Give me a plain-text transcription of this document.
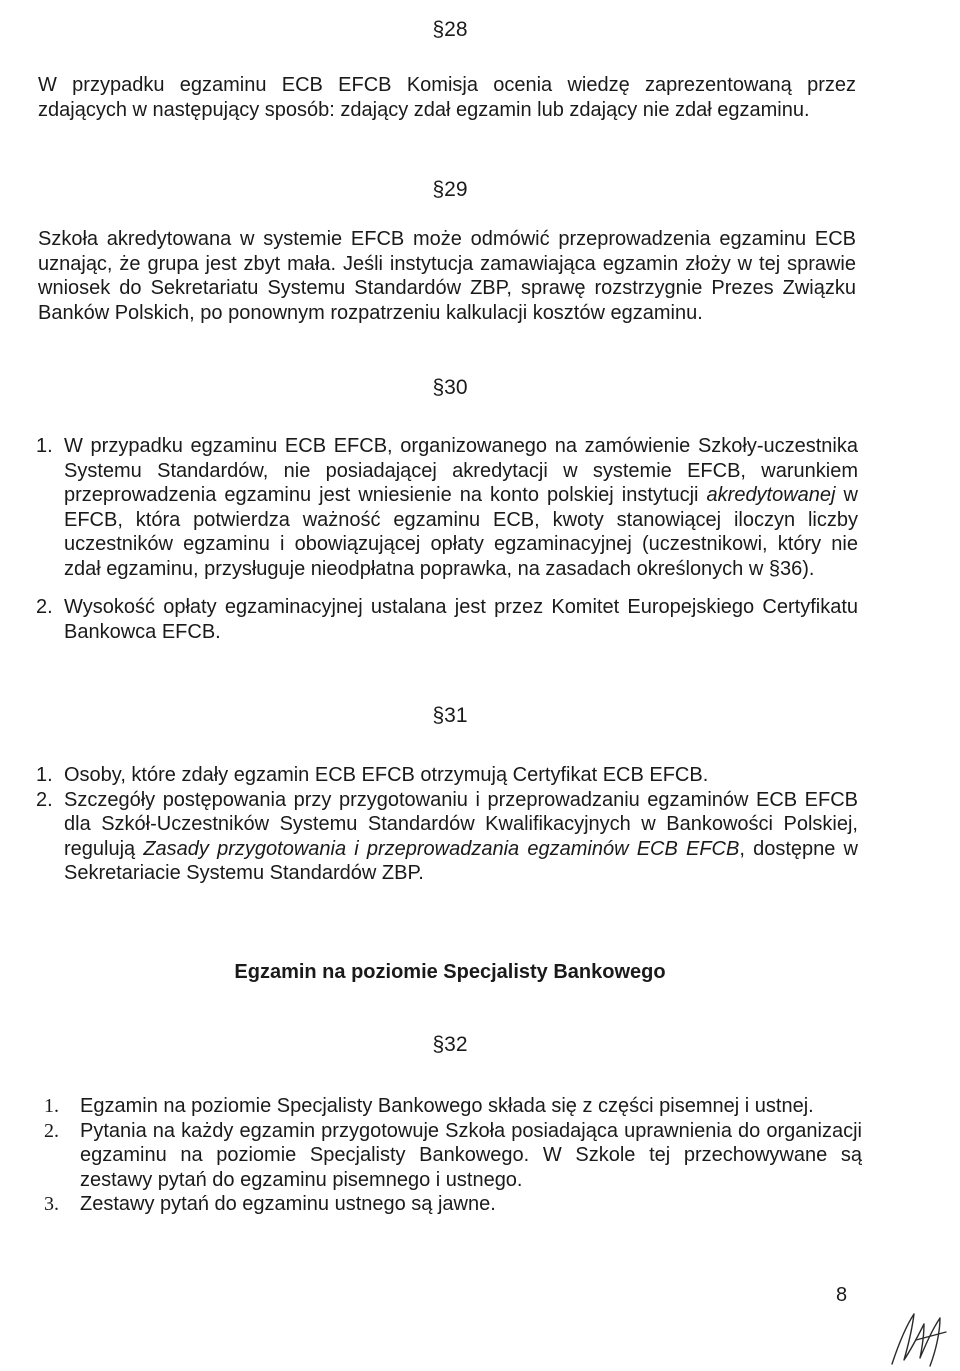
§28
W przypadku egzaminu ECB EFCB Komisja ocenia wiedzę zaprezentowaną przez zdających w następujący sposób: zdający zdał egzamin lub zdający nie zdał egzaminu.
§29
Szkoła akredytowana w systemie EFCB może odmówić przeprowadzenia egzaminu ECB uznając, że grupa jest zbyt mała. Jeśli instytucja zamawiająca egzamin złoży w tej sprawie wniosek do Sekretariatu Systemu Standardów ZBP, sprawę rozstrzygnie Prezes Związku Banków Polskich, po ponownym rozpatrzeniu kalkulacji kosztów egzaminu.
§30
1. W przypadku egzaminu ECB EFCB, organizowanego na zamówienie Szkoły-uczestnika Systemu Standardów, nie posiadającej akredytacji w systemie EFCB, warunkiem przeprowadzenia egzaminu jest wniesienie na konto polskiej instytucji akredytowanej w EFCB, która potwierdza ważność egzaminu ECB, kwoty stanowiącej iloczyn liczby uczestników egzaminu i obowiązującej opłaty egzaminacyjnej (uczestnikowi, który nie zdał egzaminu, przysługuje nieodpłatna poprawka, na zasadach określonych w §36).
2. Wysokość opłaty egzaminacyjnej ustalana jest przez Komitet Europejskiego Certyfikatu Bankowca EFCB.
§31
1. Osoby, które zdały egzamin ECB EFCB otrzymują Certyfikat ECB EFCB.
2. Szczegóły postępowania przy przygotowaniu i przeprowadzaniu egzaminów ECB EFCB dla Szkół-Uczestników Systemu Standardów Kwalifikacyjnych w Bankowości Polskiej, regulują Zasady przygotowania i przeprowadzania egzaminów ECB EFCB, dostępne w Sekretariacie Systemu Standardów ZBP.
Egzamin na poziomie Specjalisty Bankowego
§32
1. Egzamin na poziomie Specjalisty Bankowego składa się z części pisemnej i ustnej.
2. Pytania na każdy egzamin przygotowuje Szkoła posiadająca uprawnienia do organizacji egzaminu na poziomie Specjalisty Bankowego. W Szkole tej przechowywane są zestawy pytań do egzaminu pisemnego i ustnego.
3. Zestawy pytań do egzaminu ustnego są jawne.
8
